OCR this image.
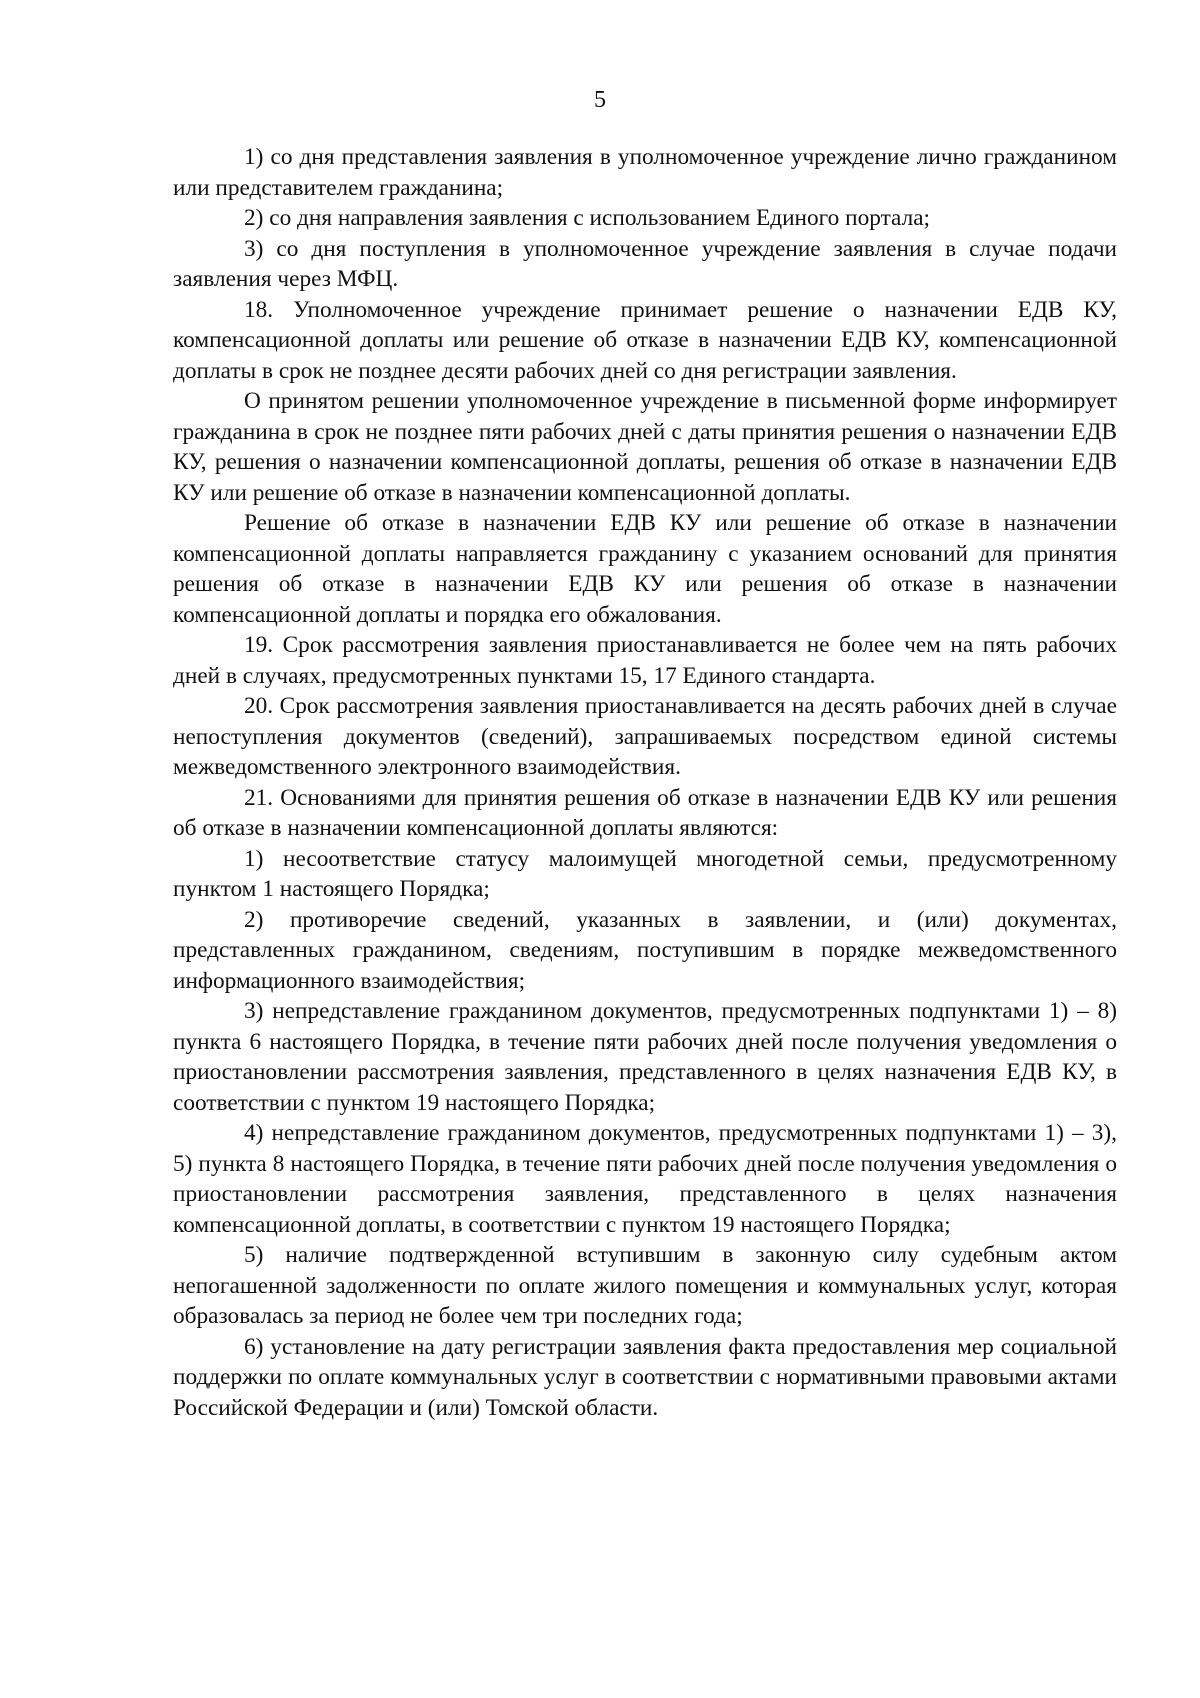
5

1) со дня представления заявления в уполномоченное учреждение лично гражданином или представителем гражданина;

2) со дня направления заявления с использованием Единого портала;

3) со дня поступления в уполномоченное учреждение заявления в случае подачи заявления через МФЦ.

18. Уполномоченное учреждение принимает решение о назначении ЕДВ КУ, компенсационной доплаты или решение об отказе в назначении ЕДВ КУ, компенсационной доплаты в срок не позднее десяти рабочих дней со дня регистрации заявления.

О принятом решении уполномоченное учреждение в письменной форме информирует гражданина в срок не позднее пяти рабочих дней с даты принятия решения о назначении ЕДВ КУ, решения о назначении компенсационной доплаты, решения об отказе в назначении ЕДВ КУ или решение об отказе в назначении компенсационной доплаты.

Решение об отказе в назначении ЕДВ КУ или решение об отказе в назначении компенсационной доплаты направляется гражданину с указанием оснований для принятия решения об отказе в назначении ЕДВ КУ или решения об отказе в назначении компенсационной доплаты и порядка его обжалования.

19. Срок рассмотрения заявления приостанавливается не более чем на пять рабочих дней в случаях, предусмотренных пунктами 15, 17 Единого стандарта.

20. Срок рассмотрения заявления приостанавливается на десять рабочих дней в случае непоступления документов (сведений), запрашиваемых посредством единой системы межведомственного электронного взаимодействия.

21. Основаниями для принятия решения об отказе в назначении ЕДВ КУ или решения об отказе в назначении компенсационной доплаты являются:

1) несоответствие статусу малоимущей многодетной семьи, предусмотренному пунктом 1 настоящего Порядка;

2) противоречие сведений, указанных в заявлении, и (или) документах, представленных гражданином, сведениям, поступившим в порядке межведомственного информационного взаимодействия;

3) непредставление гражданином документов, предусмотренных подпунктами 1) – 8) пункта 6 настоящего Порядка, в течение пяти рабочих дней после получения уведомления о приостановлении рассмотрения заявления, представленного в целях назначения ЕДВ КУ, в соответствии с пунктом 19 настоящего Порядка;

4) непредставление гражданином документов, предусмотренных подпунктами 1) – 3), 5) пункта 8 настоящего Порядка, в течение пяти рабочих дней после получения уведомления о приостановлении рассмотрения заявления, представленного в целях назначения компенсационной доплаты, в соответствии с пунктом 19 настоящего Порядка;

5) наличие подтвержденной вступившим в законную силу судебным актом непогашенной задолженности по оплате жилого помещения и коммунальных услуг, которая образовалась за период не более чем три последних года;

6) установление на дату регистрации заявления факта предоставления мер социальной поддержки по оплате коммунальных услуг в соответствии с нормативными правовыми актами Российской Федерации и (или) Томской области.
